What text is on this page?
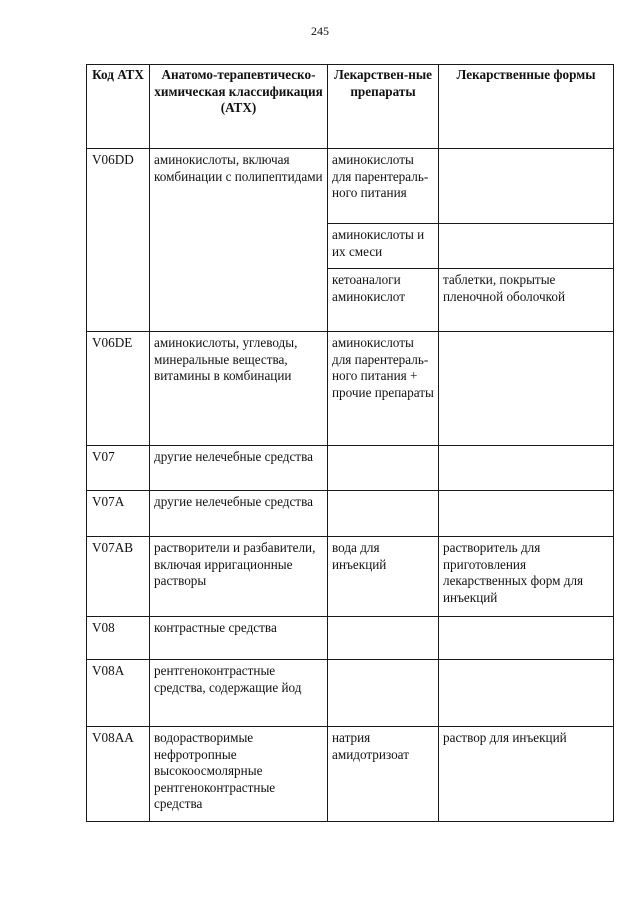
245
Код АТХ	Анатомо-терапевтическо-химическая классификация (АТХ)	Лекарствен-ные препараты	Лекарственные формы
V06DD	аминокислоты, включая комбинации с полипептидами	аминокислоты для парентераль-ного питания	
		аминокислоты и их смеси	
		кетоаналоги аминокислот	таблетки, покрытые пленочной оболочкой
V06DE	аминокислоты, углеводы, минеральные вещества, витамины в комбинации	аминокислоты для парентераль-ного питания + прочие препараты	
V07	другие нелечебные средства		
V07A	другие нелечебные средства		
V07AB	растворители и разбавители, включая ирригационные растворы	вода для инъекций	растворитель для приготовления лекарственных форм для инъекций
V08	контрастные средства		
V08A	рентгеноконтрастные средства, содержащие йод		
V08AA	водорастворимые нефротропные высокоосмолярные рентгеноконтрастные средства	натрия амидотризоат	раствор для инъекций
